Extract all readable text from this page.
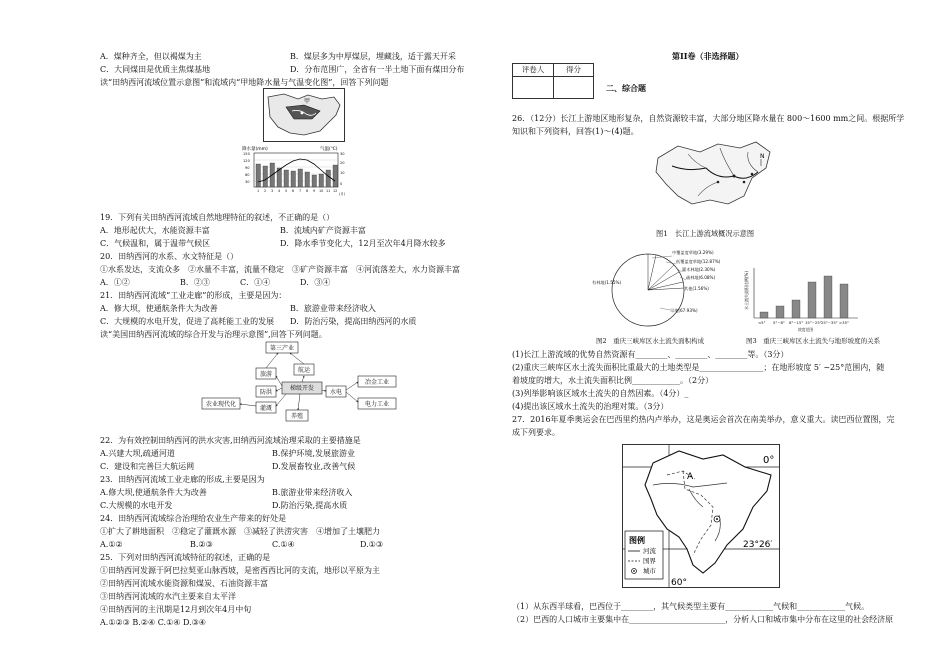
A．煤种齐全，但以褐煤为主	B．煤层多为中厚煤层，埋藏浅，适于露天开采
C．大同煤田是优质主焦煤基地	D．分布范围广，全省有一半土地下面有煤田分布
读“田纳西河流域位置示意图”和流域内“甲地降水量与气温变化图”，回答下列问题
甲
降水量(mm)	气温(℃)
150
120
90
60
30
30
20
10
0
1 2 3 4 5 6 7 8 9 10 11 12
(月)
19．下列有关田纳西河流域自然地理特征的叙述，不正确的是（）
A．地形起伏大，水能资源丰富	B．流域内矿产资源丰富
C．气候温和，属于温带气候区	D．降水季节变化大，12月至次年4月降水较多
20．田纳西河的水系、水文特征是（）
①水系发达，支流众多　②水量不丰富，流量不稳定　③矿产资源丰富　④河流落差大，水力资源丰富
A．①②	B．②③	C．①④	D．③④
21．田纳西河流域“工业走廊”的形成，主要是因为：
A．修大坝，使通航条件大为改善	B．旅游业带来经济收入
C．大规模的水电开发，促进了高耗能工业的发展 D．防治污染，提高田纳西河的水质
读“美国田纳西河流域的综合开发与治理示意图”,回答下列问题。
第三产业
旅游
航运
防洪
梯级开发
水电
农业现代化
灌溉
养殖
冶金工业
电力工业
22．为有效控制田纳西河的洪水灾害,田纳西河流域治理采取的主要措施是
A.兴建大坝,疏通河道	B.保护环境,发展旅游业
C．建设和完善巨大航运网	D.发展畜牧业,改善气候
23．田纳西河流域工业走廊的形成,主要是因为
A.修大坝,使通航条件大为改善	B.旅游业带来经济收入
C.大规模的水电开发	D.防治污染,提高水质
24．田纳西河流域综合治理给农业生产带来的好处是
①扩大了耕地面积　②稳定了灌溉水源　③减轻了洪涝灾害　④增加了土壤肥力
A.①②	B.②③	C.①④	D.①③
25．下列对田纳西河流域特征的叙述，正确的是
①田纳西河发源于阿巴拉契亚山脉西坡，是密西西比河的支流，地形以平原为主
②田纳西河流域水能资源和煤炭、石油资源丰富
③田纳西河流域的水汽主要来自太平洋
④田纳西河的主汛期是12月到次年4月中旬
A.①②③ B.②④ C.①④ D.③④
第II卷（非选择题）
评卷人	得分
二、综合题
26．（12分）长江上游地区地形复杂，自然资源较丰富，大部分地区降水量在 800～1600 mm之间。根据所学
知识和下列资料，回答(1)～(4)题。
N
图1　长江上游流域概况示意图
中覆盖度草地(3.29%)
低覆盖度草地(12.87%)
灌木林地(2.30%)
疏林地(6.08%)
早地(67.93%)
其他(1.56%)
有林地(1.55%)
图2　重庆三峡库区水土流失面积构成
水土流失面积比例(%)
<5° 5°~8° 8°~15° 15°~25° 25°~35° >35°
坡度范围
图3　重庆三峡库区水土流失与地形坡度的关系
(1)长江上游流域的优势自然资源有________、________、________等。（3分）
(2)重庆三峡库区水土流失面积比重最大的土地类型是________________；在地形坡度 5′ ~25°范围内，随
着坡度的增大，水土流失面积比例____________。（2分）
(3)列举影响该区域水土流失的自然因素。（4分）_
(4)提出该区域水土流失的治理对策。（3分）
27．2016年夏季奥运会在巴西里约热内卢举办，这是奥运会首次在南美举办，意义重大。读巴西位置图，完
成下列要求。
0°
23°26′
60°
A
图例
河流
国界
城市
（1）从东西半球看，巴西位于________，其气候类型主要有____________气候和____________气候。
（2）巴西的人口城市主要集中在________________________，分析人口和城市集中分布在这里的社会经济原
